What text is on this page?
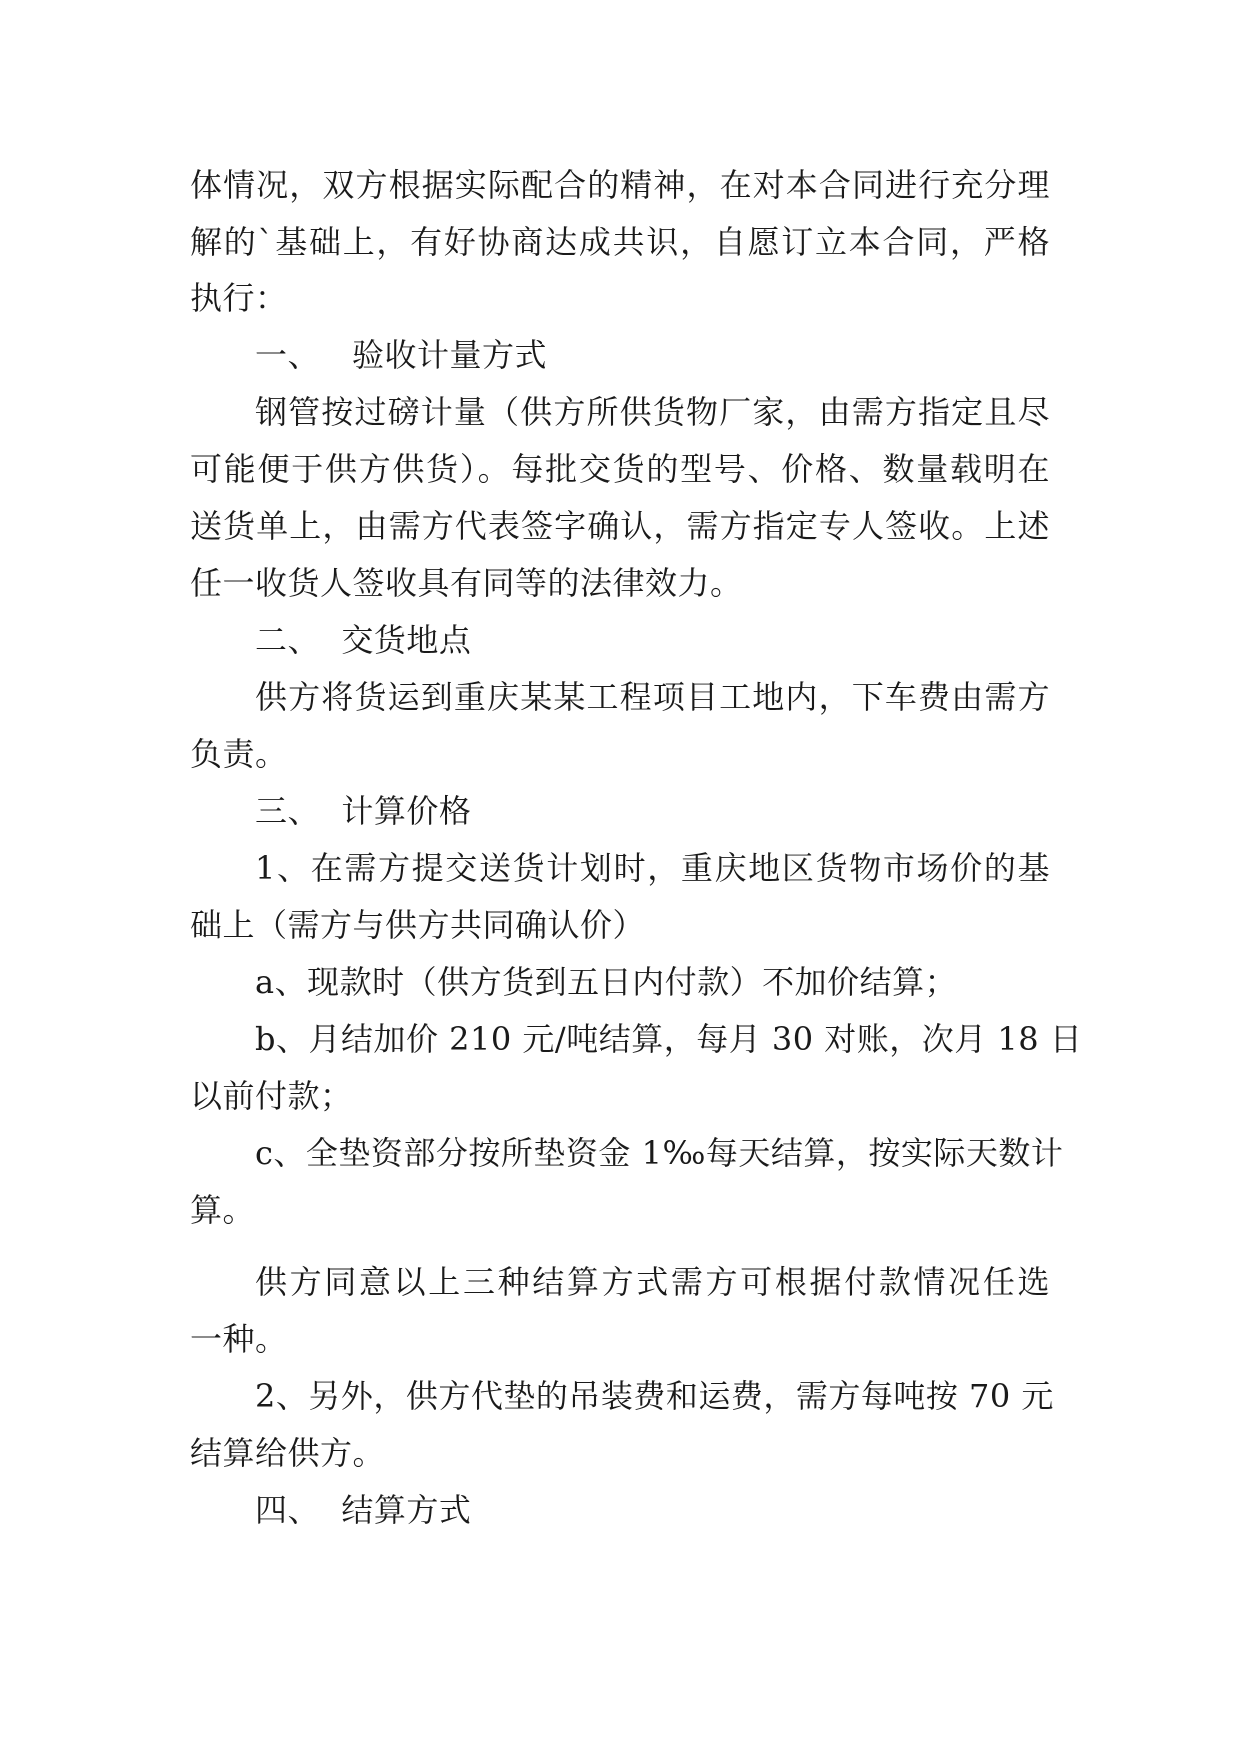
体情况，双方根据实际配合的精神，在对本合同进行充分理
解的`基础上，有好协商达成共识，自愿订立本合同，严格
执行：
一、   验收计量方式
钢管按过磅计量（供方所供货物厂家，由需方指定且尽
可能便于供方供货）。每批交货的型号、价格、数量载明在
送货单上，由需方代表签字确认，需方指定专人签收。上述
任一收货人签收具有同等的法律效力。
二、  交货地点
供方将货运到重庆某某工程项目工地内，下车费由需方
负责。
三、  计算价格
1、在需方提交送货计划时，重庆地区货物市场价的基
础上（需方与供方共同确认价）
a、现款时（供方货到五日内付款）不加价结算；
b、月结加价 210 元/吨结算，每月 30 对账，次月 18 日
以前付款；
c、全垫资部分按所垫资金 1‰每天结算，按实际天数计
算。
供方同意以上三种结算方式需方可根据付款情况任选
一种。
2、另外，供方代垫的吊装费和运费，需方每吨按 70 元
结算给供方。
四、  结算方式
